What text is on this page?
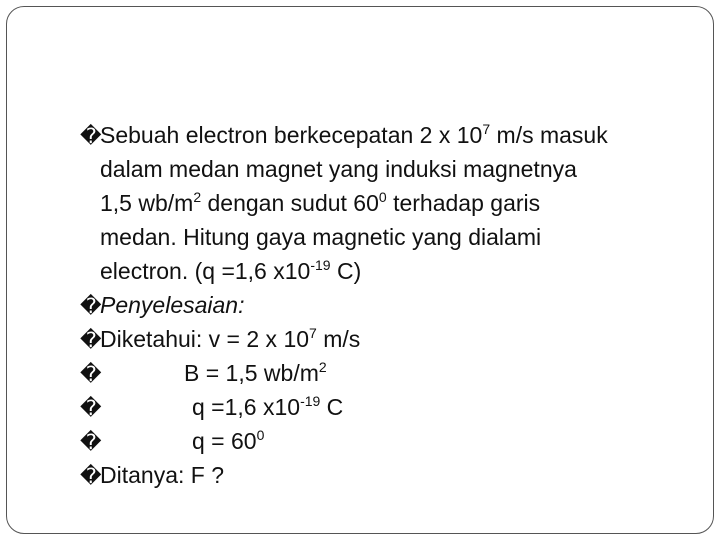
�Sebuah electron berkecepatan 2 x $10^7$ m/s masuk
dalam medan magnet yang induksi magnetnya
1,5 $wb/m^2$ dengan sudut $60^0$ terhadap garis
medan. Hitung gaya magnetic yang dialami
electron. (q =1,6 $x10^{-19}$ C)
�Penyelesaian:
�Diketahui: v = 2 x $10^7$ m/s
�	B = 1,5 $wb/m^2$
�	q =1,6 $x10^{-19}$ C
�	$q = 60^0$
�Ditanya: F ?
